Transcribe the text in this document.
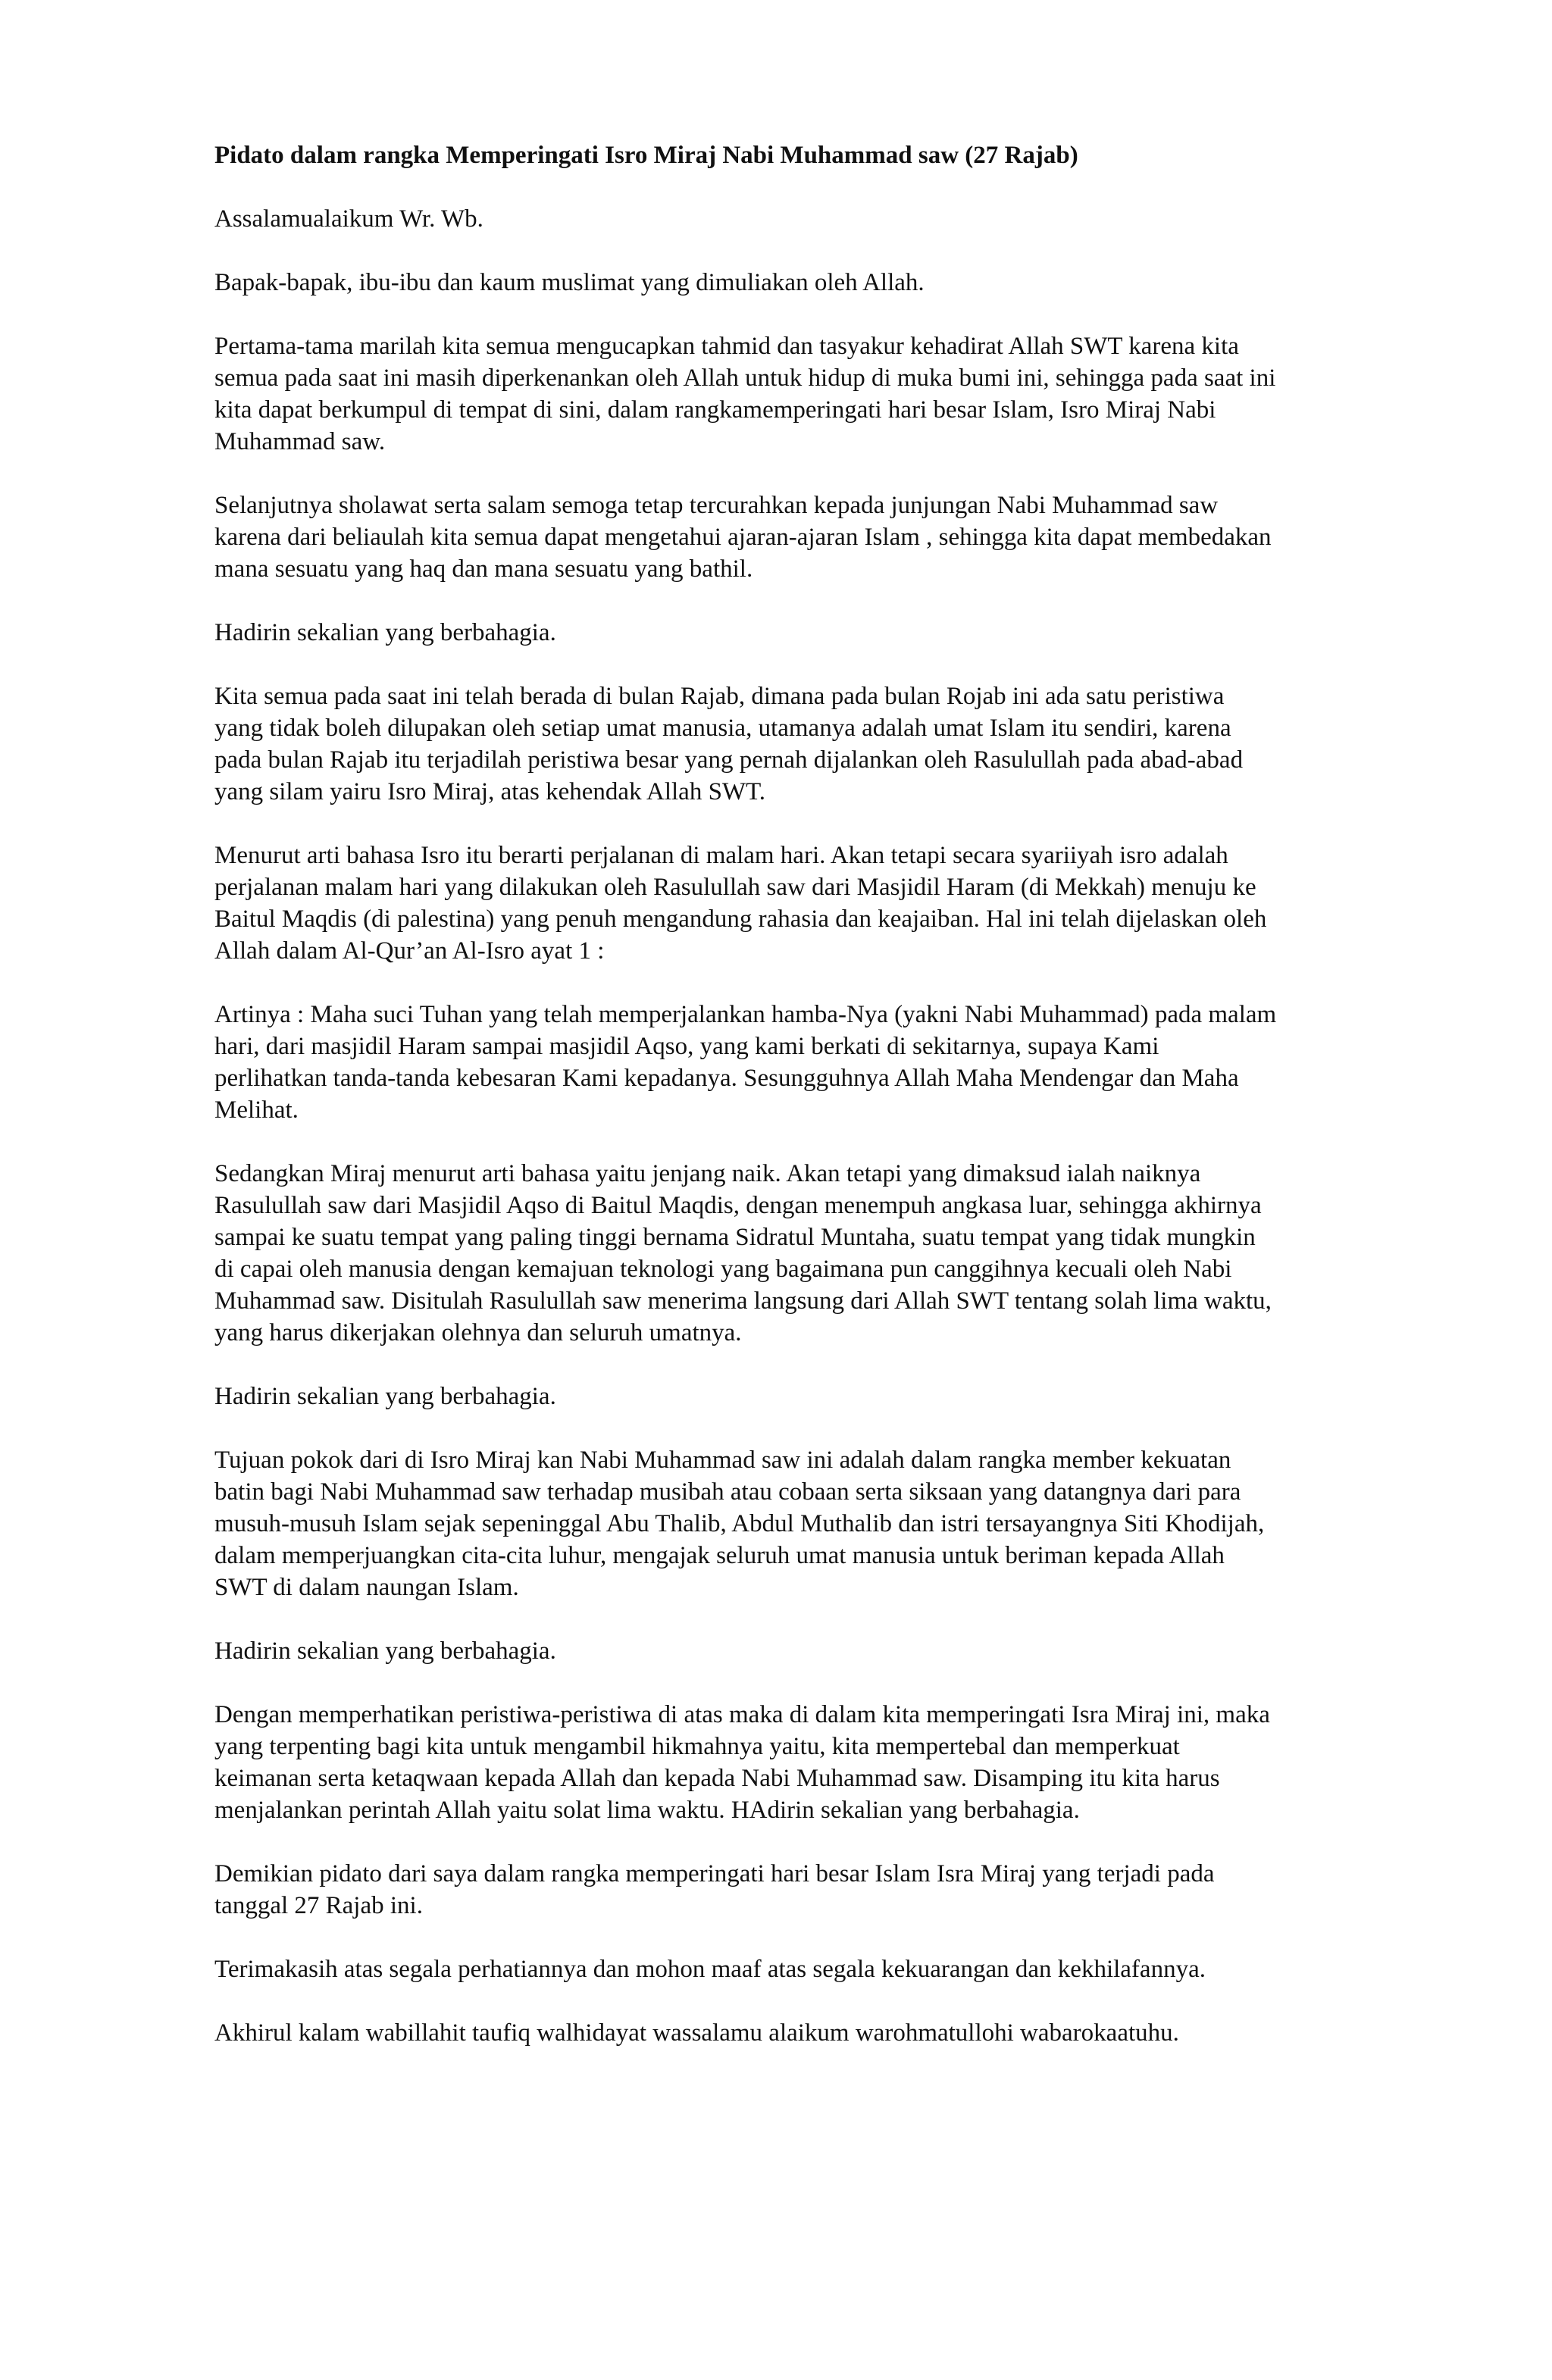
Pidato dalam rangka Memperingati Isro Miraj Nabi Muhammad saw (27 Rajab)
Assalamualaikum Wr. Wb.
Bapak-bapak, ibu-ibu dan kaum muslimat yang dimuliakan oleh Allah.
Pertama-tama marilah kita semua mengucapkan tahmid dan tasyakur kehadirat Allah SWT karena kita
semua pada saat ini masih diperkenankan oleh Allah untuk hidup di muka bumi ini, sehingga pada saat ini
kita dapat berkumpul di tempat di sini, dalam rangkamemperingati hari besar Islam, Isro Miraj Nabi
Muhammad saw.
Selanjutnya sholawat serta salam semoga tetap tercurahkan kepada junjungan Nabi Muhammad saw
karena dari beliaulah kita semua dapat mengetahui ajaran-ajaran Islam , sehingga kita dapat membedakan
mana sesuatu yang haq dan mana sesuatu yang bathil.
Hadirin sekalian yang berbahagia.
Kita semua pada saat ini telah berada di bulan Rajab, dimana pada bulan Rojab ini ada satu peristiwa
yang tidak boleh dilupakan oleh setiap umat manusia, utamanya adalah umat Islam itu sendiri, karena
pada bulan Rajab itu terjadilah peristiwa besar yang pernah dijalankan oleh Rasulullah pada abad-abad
yang silam yairu Isro Miraj, atas kehendak Allah SWT.
Menurut arti bahasa Isro itu berarti perjalanan di malam hari. Akan tetapi secara syariiyah isro adalah
perjalanan malam hari yang dilakukan oleh Rasulullah saw dari Masjidil Haram (di Mekkah) menuju ke
Baitul Maqdis (di palestina) yang penuh mengandung rahasia dan keajaiban. Hal ini telah dijelaskan oleh
Allah dalam Al-Qur’an Al-Isro ayat 1 :
Artinya : Maha suci Tuhan yang telah memperjalankan hamba-Nya (yakni Nabi Muhammad) pada malam
hari, dari masjidil Haram sampai masjidil Aqso, yang kami berkati di sekitarnya, supaya Kami
perlihatkan tanda-tanda kebesaran Kami kepadanya. Sesungguhnya Allah Maha Mendengar dan Maha
Melihat.
Sedangkan Miraj menurut arti bahasa yaitu jenjang naik. Akan tetapi yang dimaksud ialah naiknya
Rasulullah saw dari Masjidil Aqso di Baitul Maqdis, dengan menempuh angkasa luar, sehingga akhirnya
sampai ke suatu tempat yang paling tinggi bernama Sidratul Muntaha, suatu tempat yang tidak mungkin
di capai oleh manusia dengan kemajuan teknologi yang bagaimana pun canggihnya kecuali oleh Nabi
Muhammad saw. Disitulah Rasulullah saw menerima langsung dari Allah SWT tentang solah lima waktu,
yang harus dikerjakan olehnya dan seluruh umatnya.
Hadirin sekalian yang berbahagia.
Tujuan pokok dari di Isro Miraj kan Nabi Muhammad saw ini adalah dalam rangka member kekuatan
batin bagi Nabi Muhammad saw terhadap musibah atau cobaan serta siksaan yang datangnya dari para
musuh-musuh Islam sejak sepeninggal Abu Thalib, Abdul Muthalib dan istri tersayangnya Siti Khodijah,
dalam memperjuangkan cita-cita luhur, mengajak seluruh umat manusia untuk beriman kepada Allah
SWT di dalam naungan Islam.
Hadirin sekalian yang berbahagia.
Dengan memperhatikan peristiwa-peristiwa di atas maka di dalam kita memperingati Isra Miraj ini, maka
yang terpenting bagi kita untuk mengambil hikmahnya yaitu, kita mempertebal dan memperkuat
keimanan serta ketaqwaan kepada Allah dan kepada Nabi Muhammad saw. Disamping itu kita harus
menjalankan perintah Allah yaitu solat lima waktu. HAdirin sekalian yang berbahagia.
Demikian pidato dari saya dalam rangka memperingati hari besar Islam Isra Miraj yang terjadi pada
tanggal 27 Rajab ini.
Terimakasih atas segala perhatiannya dan mohon maaf atas segala kekuarangan dan kekhilafannya.
Akhirul kalam wabillahit taufiq walhidayat wassalamu alaikum warohmatullohi wabarokaatuhu.
